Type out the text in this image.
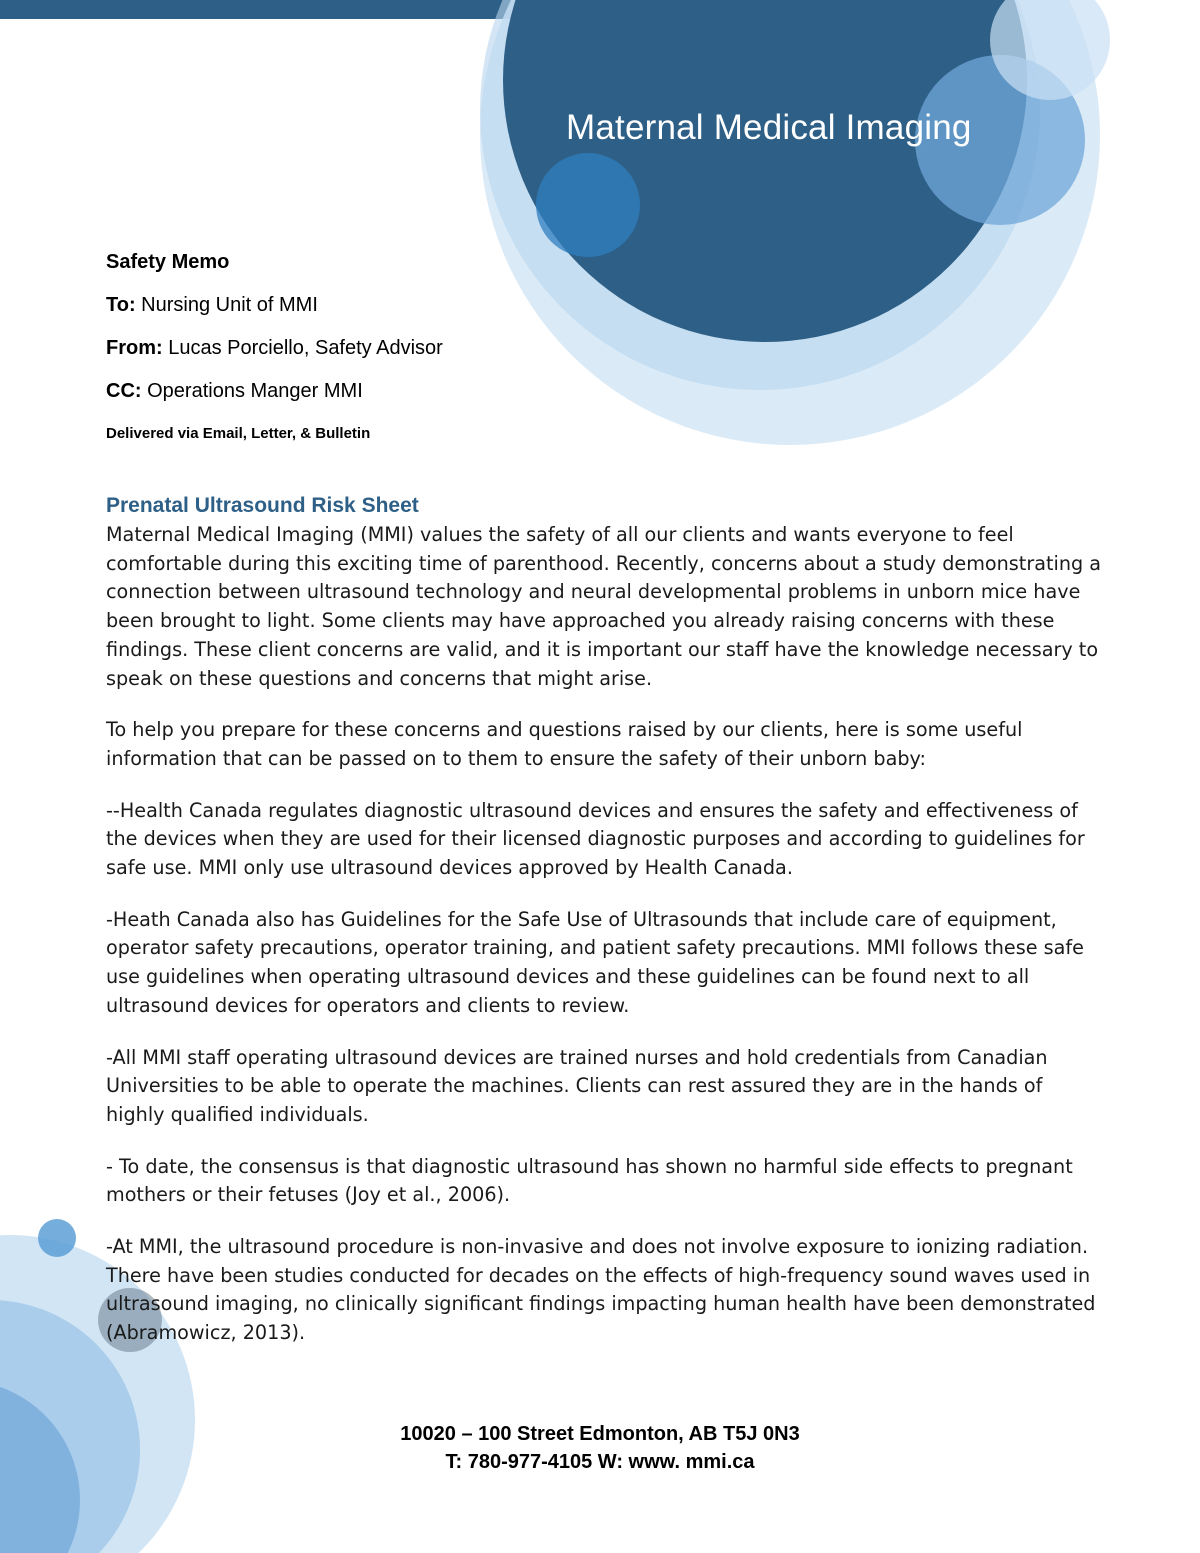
Maternal Medical Imaging
Safety Memo
To: Nursing Unit of MMI
From: Lucas Porciello, Safety Advisor
CC: Operations Manger MMI
Delivered via Email, Letter, & Bulletin
Prenatal Ultrasound Risk Sheet

Maternal Medical Imaging (MMI) values the safety of all our clients and wants everyone to feel comfortable during this exciting time of parenthood. Recently, concerns about a study demonstrating a connection between ultrasound technology and neural developmental problems in unborn mice have been brought to light. Some clients may have approached you already raising concerns with these findings. These client concerns are valid, and it is important our staff have the knowledge necessary to speak on these questions and concerns that might arise.

To help you prepare for these concerns and questions raised by our clients, here is some useful information that can be passed on to them to ensure the safety of their unborn baby:

--Health Canada regulates diagnostic ultrasound devices and ensures the safety and effectiveness of the devices when they are used for their licensed diagnostic purposes and according to guidelines for safe use. MMI only use ultrasound devices approved by Health Canada.

-Heath Canada also has Guidelines for the Safe Use of Ultrasounds that include care of equipment, operator safety precautions, operator training, and patient safety precautions. MMI follows these safe use guidelines when operating ultrasound devices and these guidelines can be found next to all ultrasound devices for operators and clients to review.

-All MMI staff operating ultrasound devices are trained nurses and hold credentials from Canadian Universities to be able to operate the machines. Clients can rest assured they are in the hands of highly qualified individuals.

- To date, the consensus is that diagnostic ultrasound has shown no harmful side effects to pregnant mothers or their fetuses (Joy et al., 2006).

-At MMI, the ultrasound procedure is non-invasive and does not involve exposure to ionizing radiation. There have been studies conducted for decades on the effects of high-frequency sound waves used in ultrasound imaging, no clinically significant findings impacting human health have been demonstrated (Abramowicz, 2013).

10020 – 100 Street Edmonton, AB T5J 0N3
T: 780-977-4105 W: www. mmi.ca
